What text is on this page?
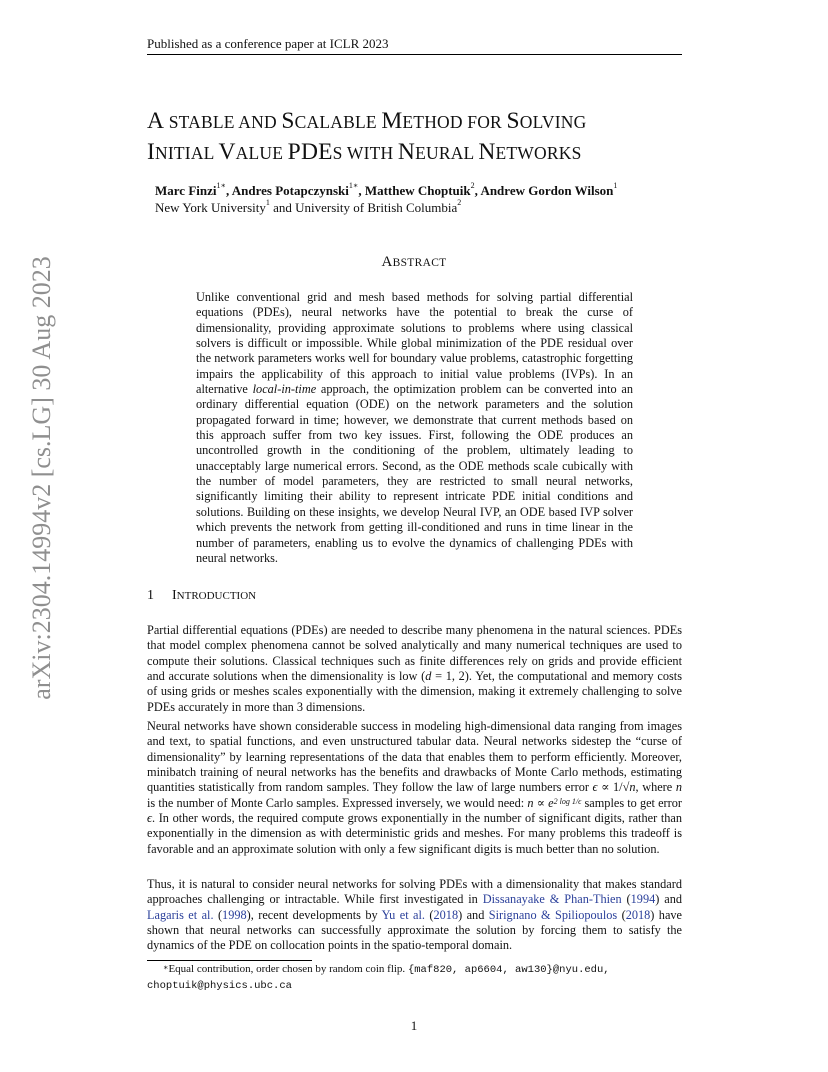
Published as a conference paper at ICLR 2023
arXiv:2304.14994v2 [cs.LG] 30 Aug 2023
A STABLE AND SCALABLE METHOD FOR SOLVING
INITIAL VALUE PDES WITH NEURAL NETWORKS
Marc Finzi$^{1∗}$, Andres Potapczynski$^{1∗}$, Matthew Choptuik$^2$, Andrew Gordon Wilson$^1$
New York University$^1$ and University of British Columbia$^2$
ABSTRACT
Unlike conventional grid and mesh based methods for solving partial differential equations (PDEs), neural networks have the potential to break the curse of dimensionality, providing approximate solutions to problems where using classical solvers is difficult or impossible. While global minimization of the PDE residual over the network parameters works well for boundary value problems, catastrophic forgetting impairs the applicability of this approach to initial value problems (IVPs). In an alternative local-in-time approach, the optimization problem can be converted into an ordinary differential equation (ODE) on the network parameters and the solution propagated forward in time; however, we demonstrate that current methods based on this approach suffer from two key issues. First, following the ODE produces an uncontrolled growth in the conditioning of the problem, ultimately leading to unacceptably large numerical errors. Second, as the ODE methods scale cubically with the number of model parameters, they are restricted to small neural networks, significantly limiting their ability to represent intricate PDE initial conditions and solutions. Building on these insights, we develop Neural IVP, an ODE based IVP solver which prevents the network from getting ill-conditioned and runs in time linear in the number of parameters, enabling us to evolve the dynamics of challenging PDEs with neural networks.
1 INTRODUCTION
Partial differential equations (PDEs) are needed to describe many phenomena in the natural sciences. PDEs that model complex phenomena cannot be solved analytically and many numerical techniques are used to compute their solutions. Classical techniques such as finite differences rely on grids and provide efficient and accurate solutions when the dimensionality is low (d = 1, 2). Yet, the computational and memory costs of using grids or meshes scales exponentially with the dimension, making it extremely challenging to solve PDEs accurately in more than 3 dimensions.
Neural networks have shown considerable success in modeling high-dimensional data ranging from images and text, to spatial functions, and even unstructured tabular data. Neural networks sidestep the “curse of dimensionality” by learning representations of the data that enables them to perform efficiently. Moreover, minibatch training of neural networks has the benefits and drawbacks of Monte Carlo methods, estimating quantities statistically from random samples. They follow the law of large numbers error ϵ ∝ 1/√n, where n is the number of Monte Carlo samples. Expressed inversely, we would need: $n \propto e^{2 log 1/\epsilon}$ samples to get error ϵ. In other words, the required compute grows exponentially in the number of significant digits, rather than exponentially in the dimension as with deterministic grids and meshes. For many problems this tradeoff is favorable and an approximate solution with only a few significant digits is much better than no solution.
Thus, it is natural to consider neural networks for solving PDEs with a dimensionality that makes standard approaches challenging or intractable. While first investigated in Dissanayake & Phan-Thien (1994) and Lagaris et al. (1998), recent developments by Yu et al. (2018) and Sirignano & Spiliopoulos (2018) have shown that neural networks can successfully approximate the solution by forcing them to satisfy the dynamics of the PDE on collocation points in the spatio-temporal domain.
∗Equal contribution, order chosen by random coin flip. {maf820, ap6604, aw130}@nyu.edu, choptuik@physics.ubc.ca
1
